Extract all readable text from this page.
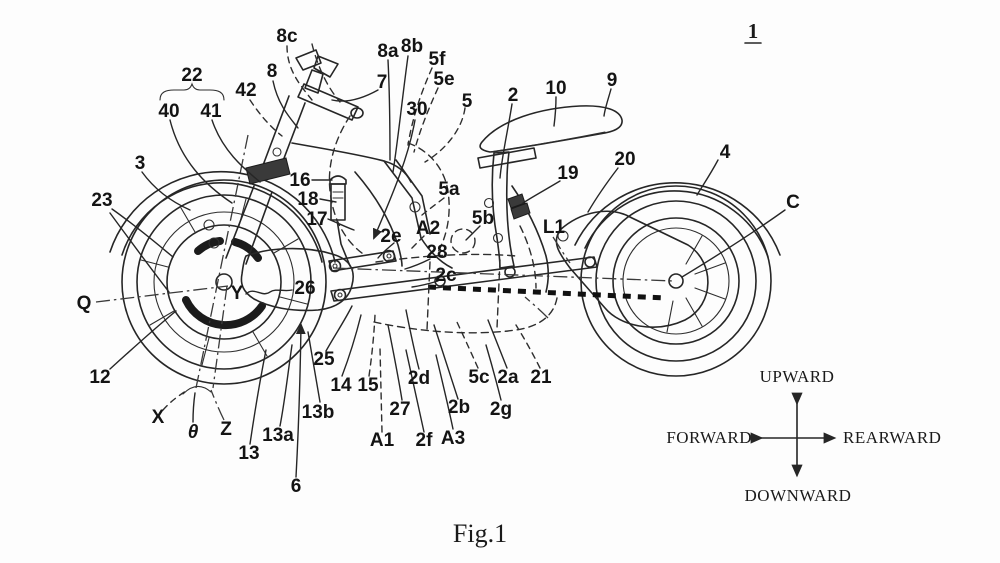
8c
8
42
22
40 41
7
8a 8b
5f
5e
5
30
2 10 9
3
23
16
18
17
5a
5b
19
20	4
C
A2
2e
28
2c
L1
26
Y
Q
12
X
θ Z
13
13a
13b
6
25
14 15
27
A1 2f A3
2d
2b
5c 2a 21
2g
UPWARD
DOWNWARD
FORWARD	REARWARD
1
Fig.1
